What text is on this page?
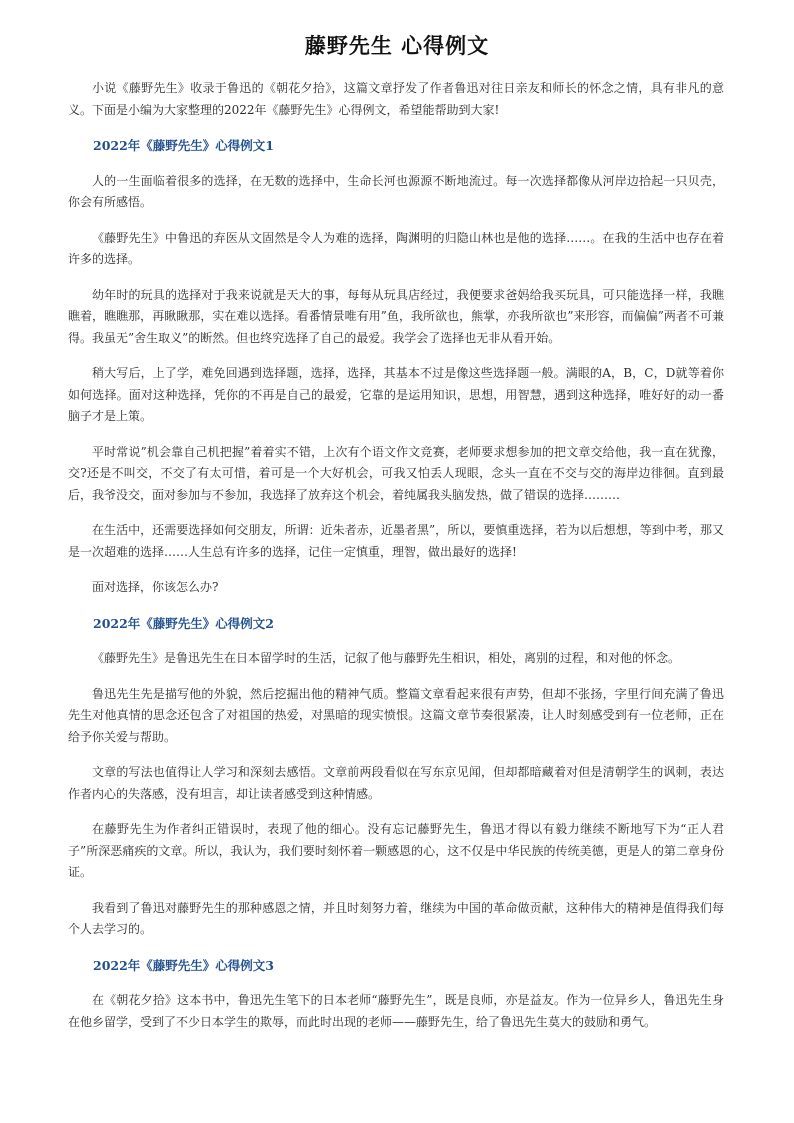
藤野先生 心得例文

小说《藤野先生》收录于鲁迅的《朝花夕拾》，这篇文章抒发了作者鲁迅对往日亲友和师长的怀念之情，具有非凡的意义。下面是小编为大家整理的2022年《藤野先生》心得例文，希望能帮助到大家!

2022年《藤野先生》心得例文1

人的一生面临着很多的选择，在无数的选择中，生命长河也源源不断地流过。每一次选择都像从河岸边拾起一只贝壳，你会有所感悟。

《藤野先生》中鲁迅的弃医从文固然是令人为难的选择，陶渊明的归隐山林也是他的选择……。在我的生活中也存在着许多的选择。

幼年时的玩具的选择对于我来说就是天大的事，每每从玩具店经过，我便要求爸妈给我买玩具，可只能选择一样，我瞧瞧着，瞧瞧那，再瞅瞅那，实在难以选择。看番情景唯有用”鱼，我所欲也，熊掌，亦我所欲也”来形容，而偏偏”两者不可兼得。我虽无”舍生取义”的断然。但也终究选择了自己的最爱。我学会了选择也无非从看开始。

稍大写后，上了学，难免回遇到选择题，选择，选择，其基本不过是像这些选择题一般。满眼的A，B，C，D就等着你如何选择。面对这种选择，凭你的不再是自己的最爱，它靠的是运用知识，思想，用智慧，遇到这种选择，唯好好的动一番脑子才是上策。

平时常说”机会靠自己机把握”着着实不错，上次有个语文作文竞赛，老师要求想参加的把文章交给他，我一直在犹豫，交?还是不叫交，不交了有太可惜，着可是一个大好机会，可我又怕丢人现眼，念头一直在不交与交的海岸边徘徊。直到最后，我爷没交，面对参加与不参加，我选择了放弃这个机会，着纯属我头脑发热，做了错误的选择………

在生活中，还需要选择如何交朋友，所谓：近朱者赤，近墨者黑”，所以，要慎重选择，若为以后想想，等到中考，那又是一次超难的选择……人生总有许多的选择，记住一定慎重，理智，做出最好的选择!

面对选择，你该怎么办?

2022年《藤野先生》心得例文2

《藤野先生》是鲁迅先生在日本留学时的生活，记叙了他与藤野先生相识，相处，离别的过程，和对他的怀念。

鲁迅先生先是描写他的外貌，然后挖掘出他的精神气质。整篇文章看起来很有声势，但却不张扬，字里行间充满了鲁迅先生对他真情的思念还包含了对祖国的热爱，对黑暗的现实愤恨。这篇文章节奏很紧凑，让人时刻感受到有一位老师，正在给予你关爱与帮助。

文章的写法也值得让人学习和深刻去感悟。文章前两段看似在写东京见闻，但却都暗藏着对但是清朝学生的讽刺，表达作者内心的失落感，没有坦言，却让读者感受到这种情感。

在藤野先生为作者纠正错误时，表现了他的细心。没有忘记藤野先生，鲁迅才得以有毅力继续不断地写下为“正人君子”所深恶痛疾的文章。所以，我认为，我们要时刻怀着一颗感恩的心，这不仅是中华民族的传统美德，更是人的第二章身份证。

我看到了鲁迅对藤野先生的那种感恩之情，并且时刻努力着，继续为中国的革命做贡献，这种伟大的精神是值得我们每个人去学习的。

2022年《藤野先生》心得例文3

在《朝花夕拾》这本书中，鲁迅先生笔下的日本老师“藤野先生”，既是良师，亦是益友。作为一位异乡人，鲁迅先生身在他乡留学，受到了不少日本学生的欺辱，而此时出现的老师——藤野先生，给了鲁迅先生莫大的鼓励和勇气。
